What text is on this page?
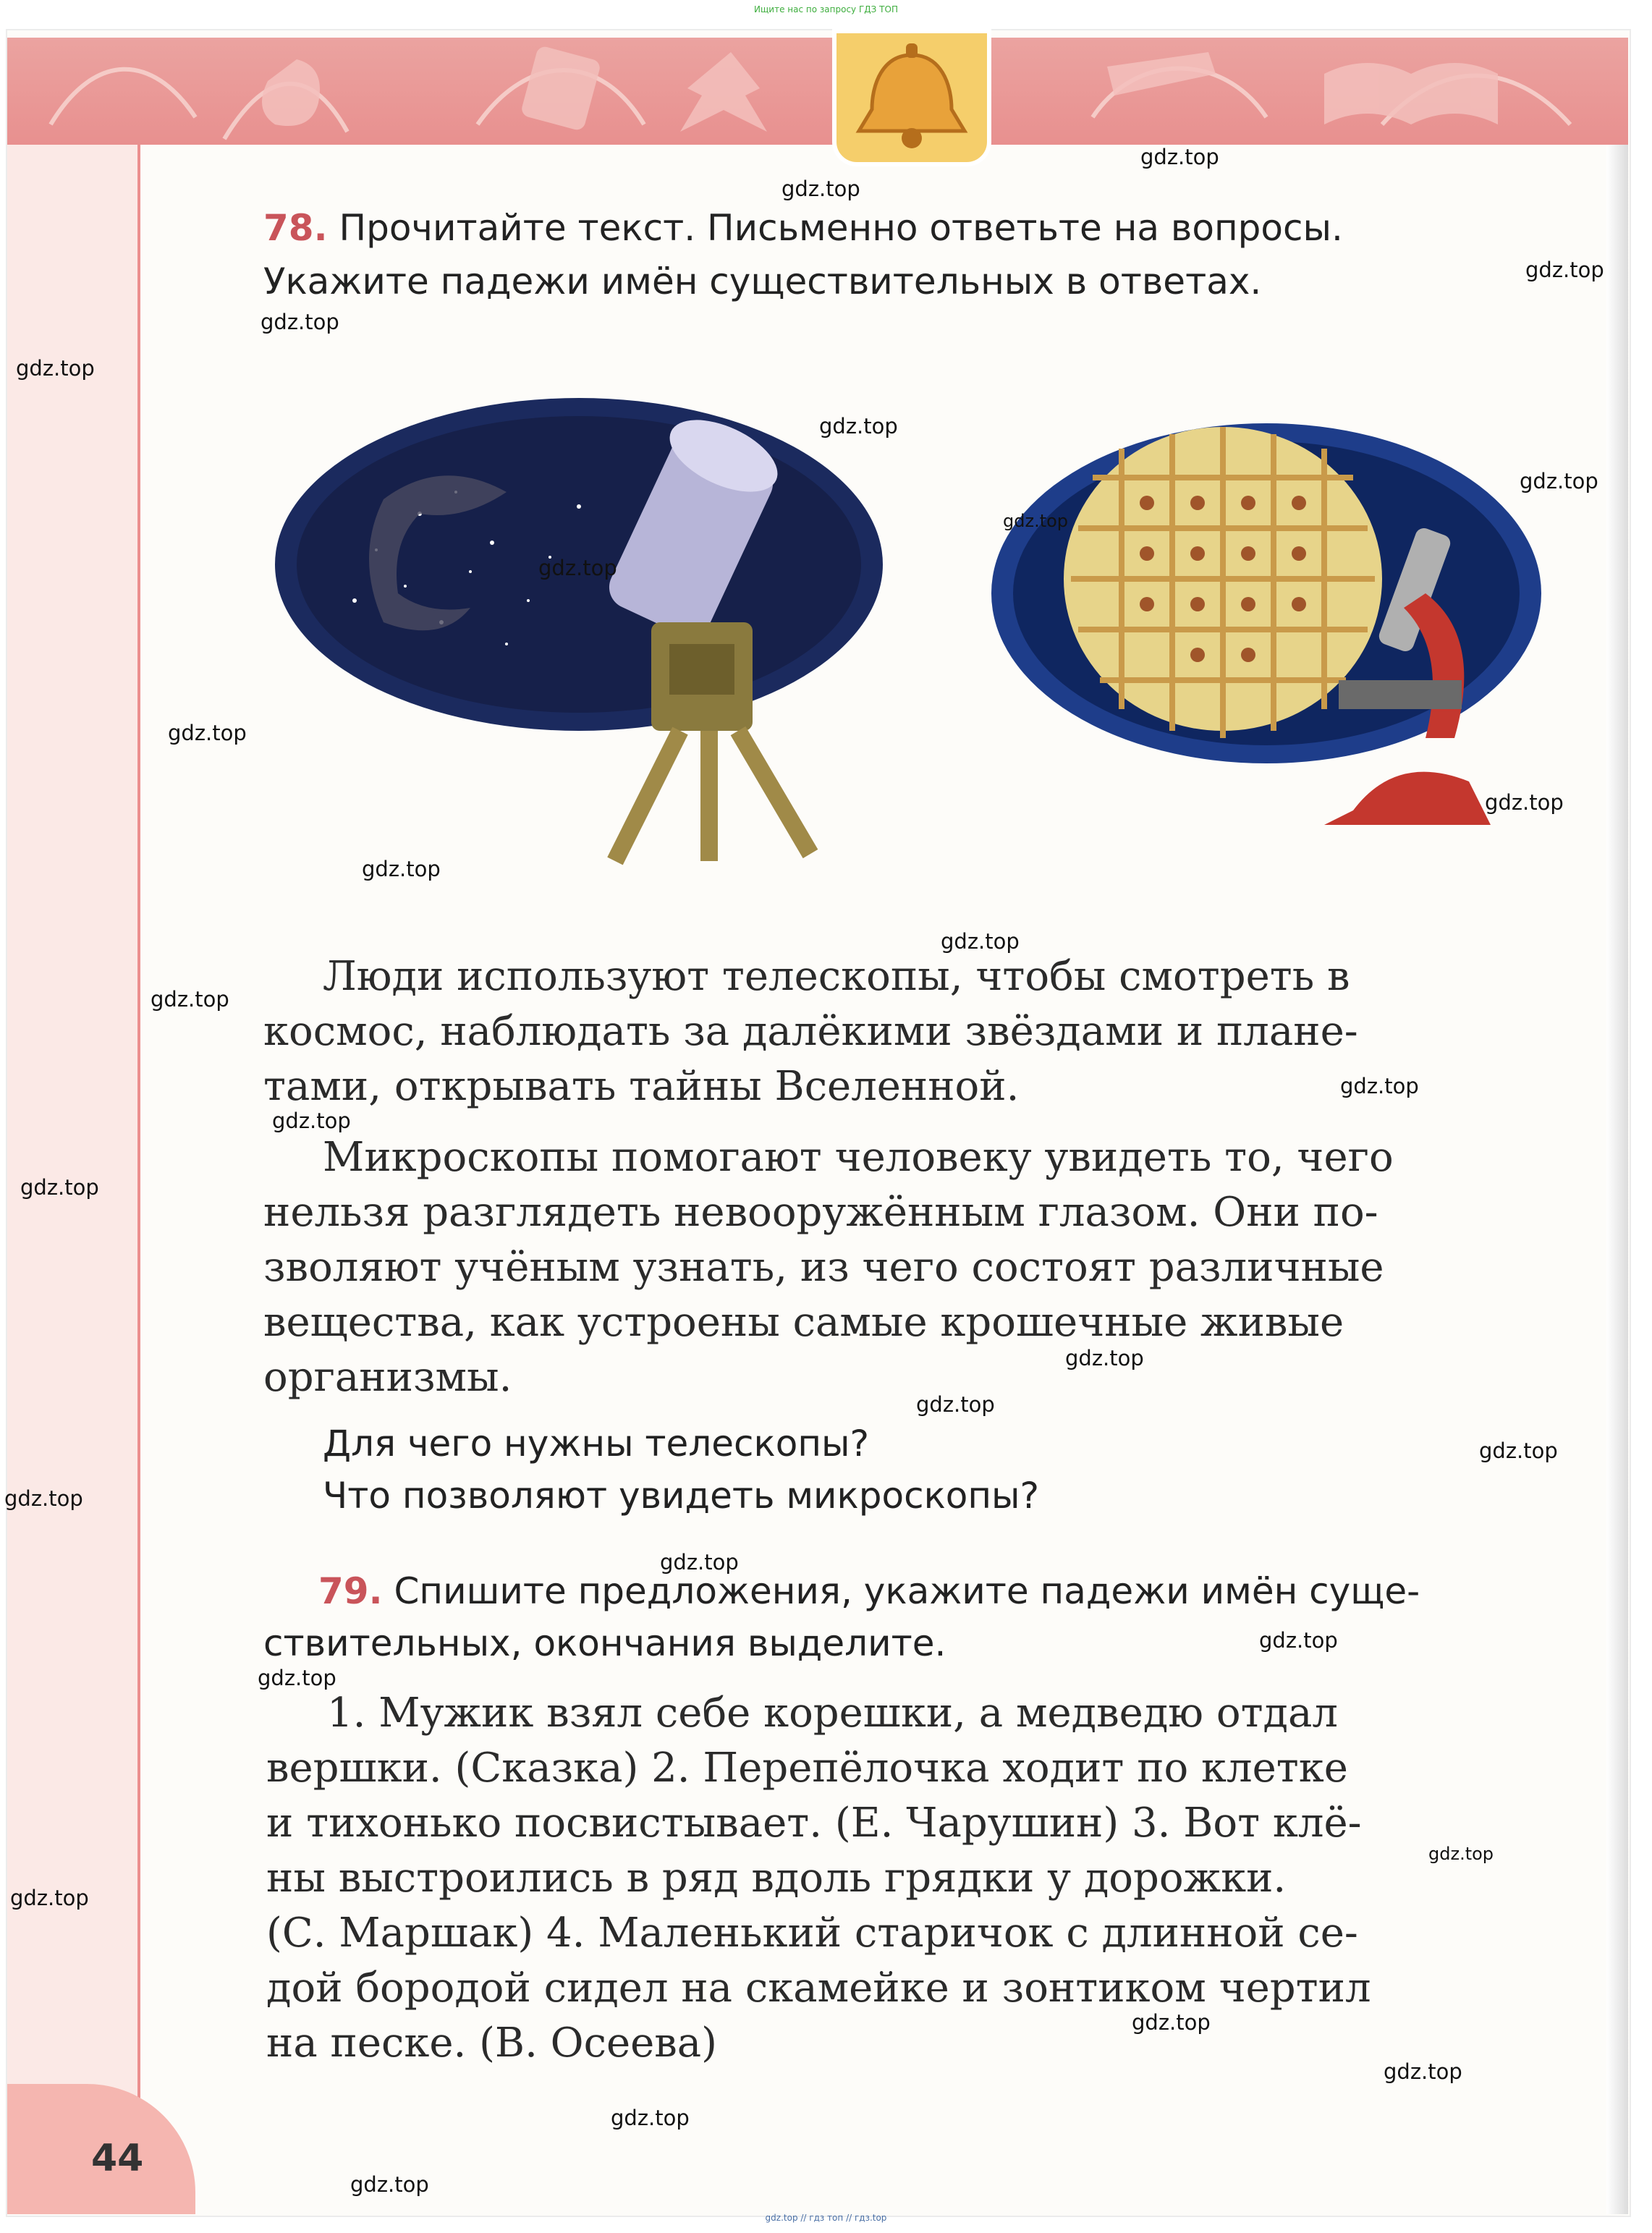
Ищите нас по запросу ГДЗ ТОП
44
78. Прочитайте текст. Письменно ответьте на вопросы.
Укажите падежи имён существительных в ответах.
Люди используют телескопы, чтобы смотреть в
космос, наблюдать за далёкими звёздами и плане-
тами, открывать тайны Вселенной.
Микроскопы помогают человеку увидеть то, чего
нельзя разглядеть невооружённым глазом. Они по-
зволяют учёным узнать, из чего состоят различные
вещества, как устроены самые крошечные живые
организмы.
Для чего нужны телескопы?
Что позволяют увидеть микроскопы?
79. Спишите предложения, укажите падежи имён суще-
ствительных, окончания выделите.
1. Мужик взял себе корешки, а медведю отдал
вершки. (Сказка) 2. Перепёлочка ходит по клетке
и тихонько посвистывает. (Е. Чарушин) 3. Вот клё-
ны выстроились в ряд вдоль грядки у дорожки.
(С. Маршак) 4. Маленький старичок с длинной се-
дой бородой сидел на скамейке и зонтиком чертил
на песке. (В. Осеева)
gdz.top
gdz.top
gdz.top
gdz.top
gdz.top
gdz.top
gdz.top
gdz.top
gdz.top
gdz.top
gdz.top
gdz.top
gdz.top
gdz.top
gdz.top
gdz.top
gdz.top
gdz.top
gdz.top
gdz.top
gdz.top
gdz.top
gdz.top
gdz.top
gdz.top
gdz.top
gdz.top
gdz.top
gdz.top
gdz.top
gdz.top // гдз топ // гдз.top
